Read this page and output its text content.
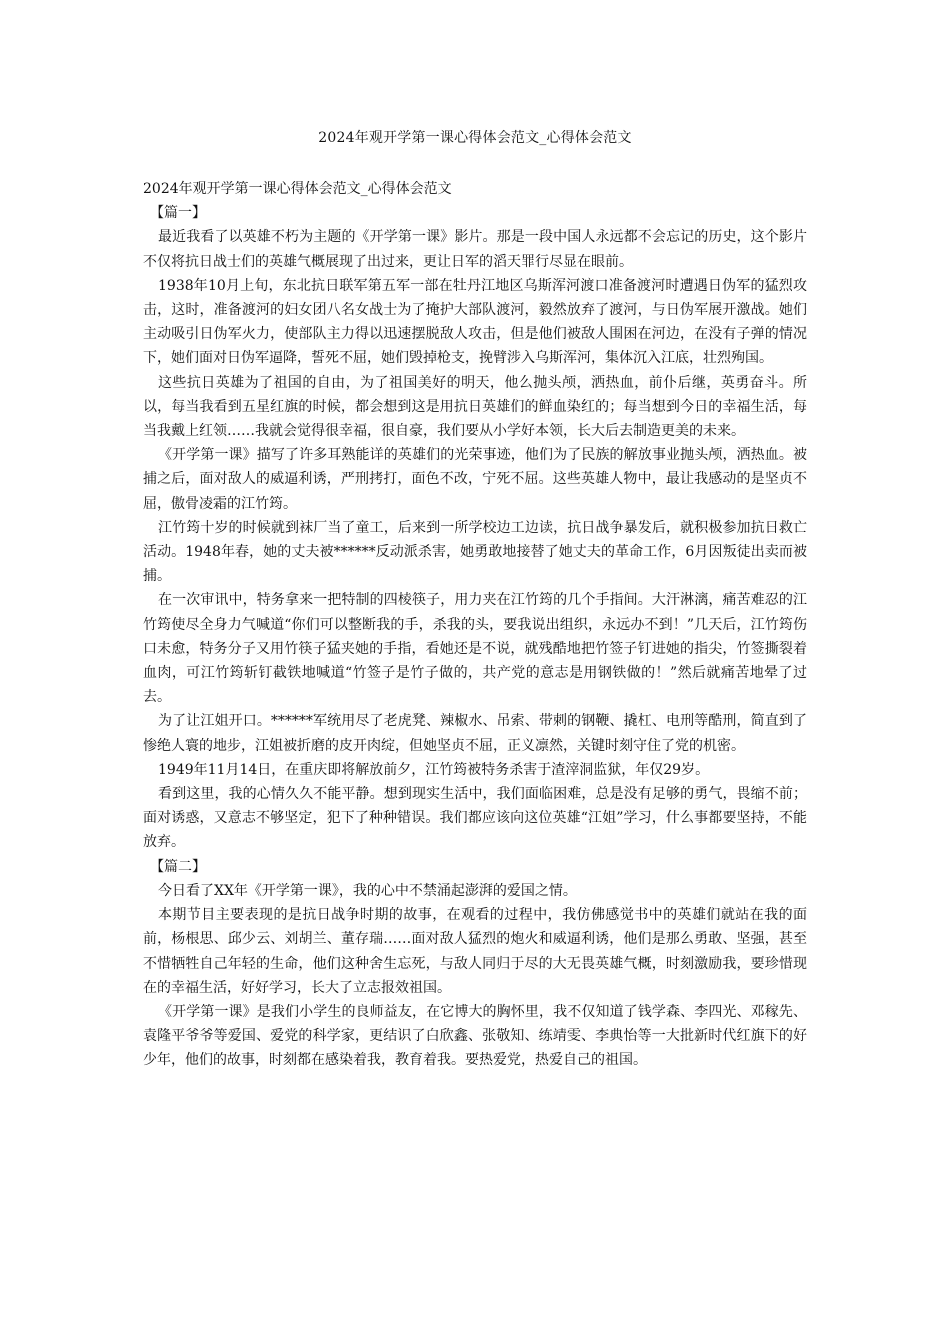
2024年观开学第一课心得体会范文_心得体会范文

2024年观开学第一课心得体会范文_心得体会范文

【篇一】

最近我看了以英雄不朽为主题的《开学第一课》影片。那是一段中国人永远都不会忘记的历史，这个影片不仅将抗日战士们的英雄气概展现了出过来，更让日军的滔天罪行尽显在眼前。

1938年10月上旬，东北抗日联军第五军一部在牡丹江地区乌斯浑河渡口准备渡河时遭遇日伪军的猛烈攻击，这时，准备渡河的妇女团八名女战士为了掩护大部队渡河，毅然放弃了渡河，与日伪军展开激战。她们主动吸引日伪军火力，使部队主力得以迅速摆脱敌人攻击，但是他们被敌人围困在河边，在没有子弹的情况下，她们面对日伪军逼降，誓死不屈，她们毁掉枪支，挽臂涉入乌斯浑河，集体沉入江底，壮烈殉国。

这些抗日英雄为了祖国的自由，为了祖国美好的明天，他么抛头颅，洒热血，前仆后继，英勇奋斗。所以，每当我看到五星红旗的时候，都会想到这是用抗日英雄们的鲜血染红的；每当想到今日的幸福生活，每当我戴上红领……我就会觉得很幸福，很自豪，我们要从小学好本领，长大后去制造更美的未来。

《开学第一课》描写了许多耳熟能详的英雄们的光荣事迹，他们为了民族的解放事业抛头颅，洒热血。被捕之后，面对敌人的威逼利诱，严刑拷打，面色不改，宁死不屈。这些英雄人物中，最让我感动的是坚贞不屈，傲骨凌霜的江竹筠。

江竹筠十岁的时候就到袜厂当了童工，后来到一所学校边工边读，抗日战争暴发后，就积极参加抗日救亡活动。1948年春，她的丈夫被******反动派杀害，她勇敢地接替了她丈夫的革命工作，6月因叛徒出卖而被捕。

在一次审讯中，特务拿来一把特制的四棱筷子，用力夹在江竹筠的几个手指间。大汗淋漓，痛苦难忍的江竹筠使尽全身力气喊道“你们可以整断我的手，杀我的头，要我说出组织，永远办不到！”几天后，江竹筠伤口未愈，特务分子又用竹筷子猛夹她的手指，看她还是不说，就残酷地把竹签子钉进她的指尖，竹签撕裂着血肉，可江竹筠斩钉截铁地喊道“竹签子是竹子做的，共产党的意志是用钢铁做的！”然后就痛苦地晕了过去。

为了让江姐开口。******军统用尽了老虎凳、辣椒水、吊索、带刺的钢鞭、撬杠、电刑等酷刑，简直到了惨绝人寰的地步，江姐被折磨的皮开肉绽，但她坚贞不屈，正义凛然，关键时刻守住了党的机密。

1949年11月14日，在重庆即将解放前夕，江竹筠被特务杀害于渣滓洞监狱，年仅29岁。

看到这里，我的心情久久不能平静。想到现实生活中，我们面临困难，总是没有足够的勇气，畏缩不前；面对诱惑，又意志不够坚定，犯下了种种错误。我们都应该向这位英雄“江姐”学习，什么事都要坚持，不能放弃。

【篇二】

今日看了XX年《开学第一课》，我的心中不禁涌起澎湃的爱国之情。

本期节目主要表现的是抗日战争时期的故事，在观看的过程中，我仿佛感觉书中的英雄们就站在我的面前，杨根思、邱少云、刘胡兰、董存瑞……面对敌人猛烈的炮火和威逼利诱，他们是那么勇敢、坚强，甚至不惜牺牲自己年轻的生命，他们这种舍生忘死，与敌人同归于尽的大无畏英雄气概，时刻激励我，要珍惜现在的幸福生活，好好学习，长大了立志报效祖国。

《开学第一课》是我们小学生的良师益友，在它博大的胸怀里，我不仅知道了钱学森、李四光、邓稼先、袁隆平爷爷等爱国、爱党的科学家，更结识了白欣鑫、张敬知、练靖雯、李典怡等一大批新时代红旗下的好少年，他们的故事，时刻都在感染着我，教育着我。要热爱党，热爱自己的祖国。
